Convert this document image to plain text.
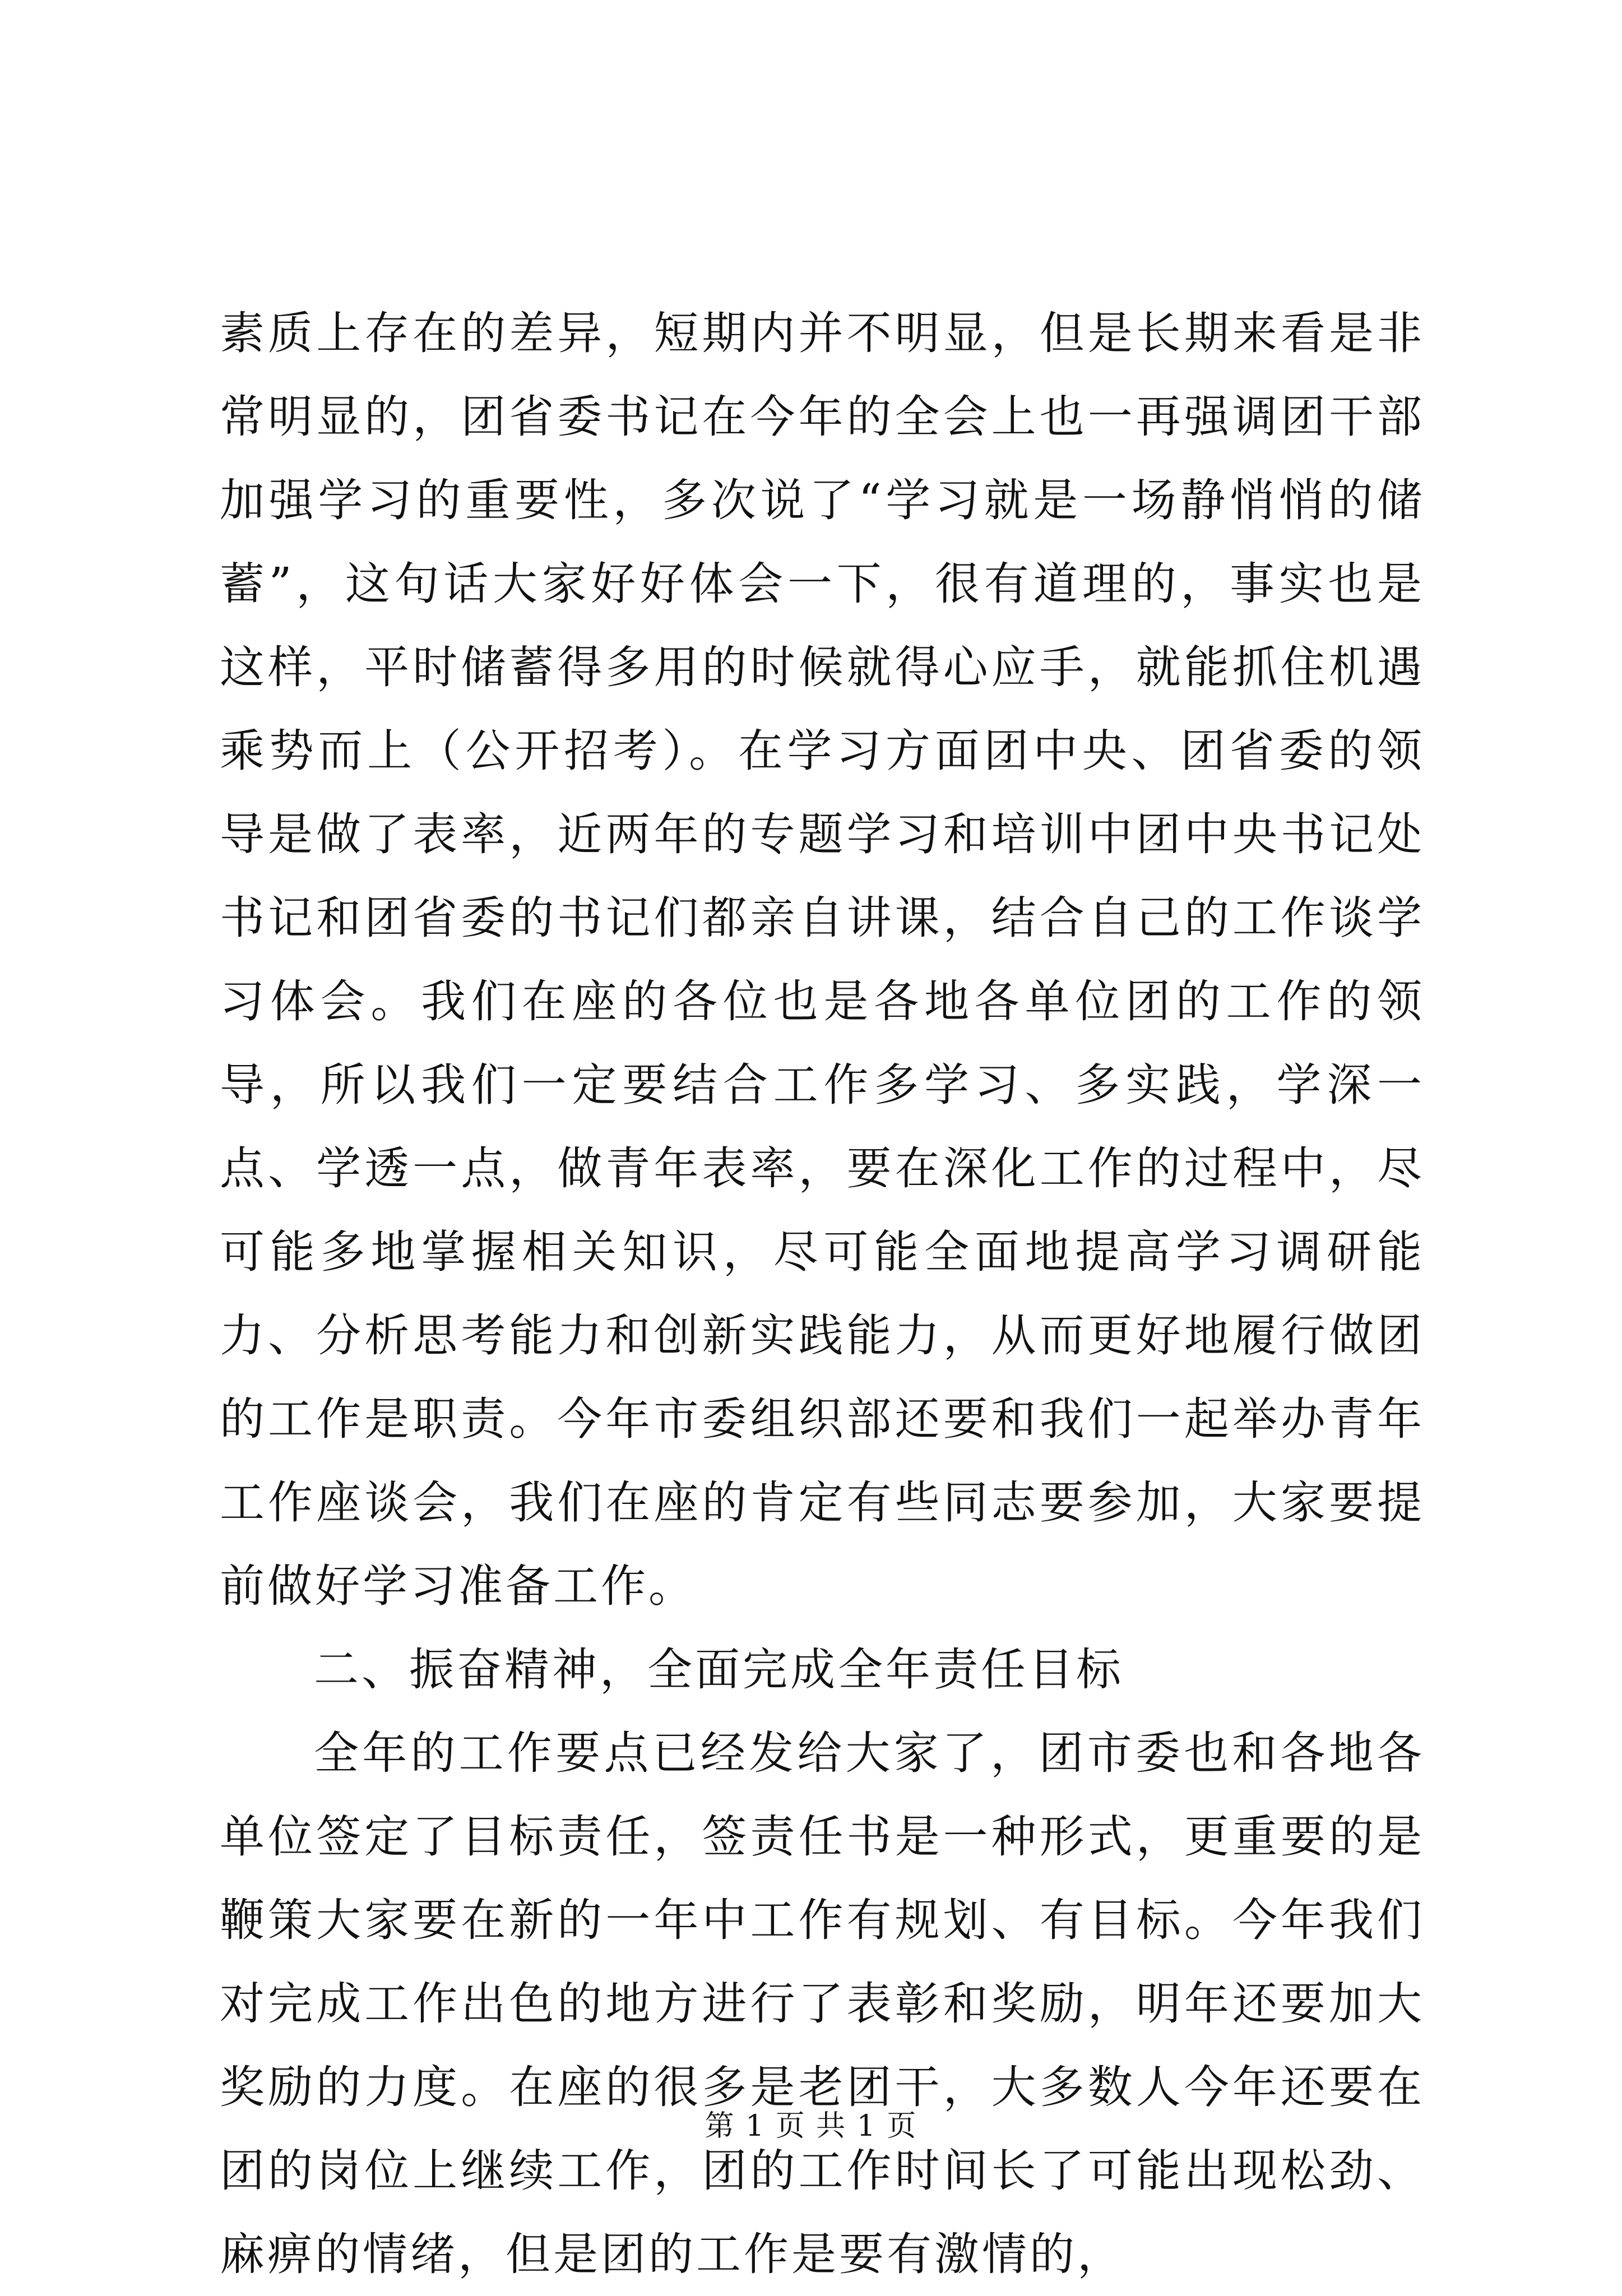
素质上存在的差异，短期内并不明显，但是长期来看是非常明显的，团省委书记在今年的全会上也一再强调团干部加强学习的重要性，多次说了“学习就是一场静悄悄的储蓄”，这句话大家好好体会一下，很有道理的，事实也是这样，平时储蓄得多用的时候就得心应手，就能抓住机遇乘势而上（公开招考）。在学习方面团中央、团省委的领导是做了表率，近两年的专题学习和培训中团中央书记处书记和团省委的书记们都亲自讲课，结合自己的工作谈学习体会。我们在座的各位也是各地各单位团的工作的领导，所以我们一定要结合工作多学习、多实践，学深一点、学透一点，做青年表率，要在深化工作的过程中，尽可能多地掌握相关知识，尽可能全面地提高学习调研能力、分析思考能力和创新实践能力，从而更好地履行做团的工作是职责。今年市委组织部还要和我们一起举办青年工作座谈会，我们在座的肯定有些同志要参加，大家要提前做好学习准备工作。

二、振奋精神，全面完成全年责任目标

全年的工作要点已经发给大家了，团市委也和各地各单位签定了目标责任，签责任书是一种形式，更重要的是鞭策大家要在新的一年中工作有规划、有目标。今年我们对完成工作出色的地方进行了表彰和奖励，明年还要加大奖励的力度。在座的很多是老团干，大多数人今年还要在团的岗位上继续工作，团的工作时间长了可能出现松劲、麻痹的情绪，但是团的工作是要有激情的，

第 1 页 共 1 页
